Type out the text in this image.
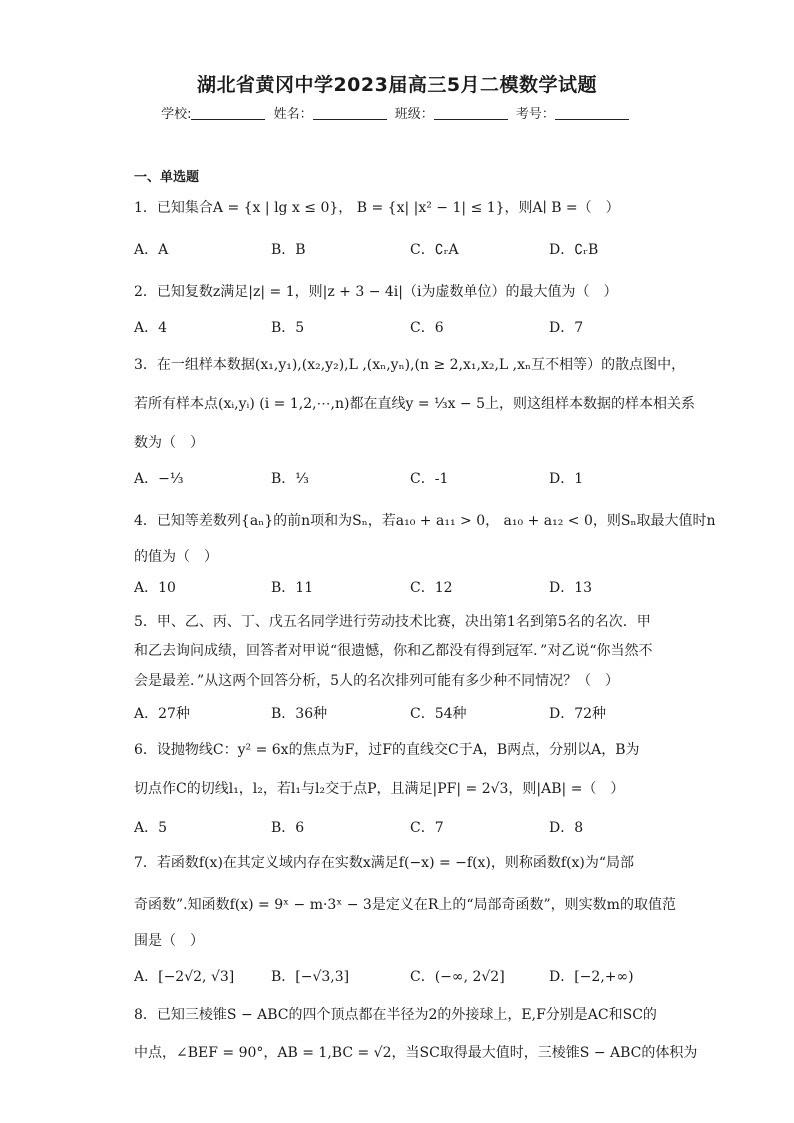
湖北省黄冈中学2023届高三5月二模数学试题
学校:	姓名：	班级：	考号：
一、单选题
1．已知集合A = {x | lg x ≤ 0}， B = {x| |x² − 1| ≤ 1}，则A∣ B =（　）
A．A	B．B	C．∁ᵣA	D．∁ᵣB
2．已知复数z满足|z| = 1，则|z + 3 − 4i|（i为虚数单位）的最大值为（　）
A．4	B．5	C．6	D．7
3．在一组样本数据(x₁,y₁),(x₂,y₂),L ,(xₙ,yₙ),(n ≥ 2,x₁,x₂,L ,xₙ互不相等）的散点图中，
若所有样本点(xᵢ,yᵢ) (i = 1,2,⋯,n)都在直线y = ⅓x − 5上，则这组样本数据的样本相关系
数为（　）
A．−⅓	B．⅓	C．-1	D．1
4．已知等差数列{aₙ}的前n项和为Sₙ，若a₁₀ + a₁₁ > 0， a₁₀ + a₁₂ < 0，则Sₙ取最大值时n
的值为（　）
A．10	B．11	C．12	D．13
5．甲、乙、丙、丁、戊五名同学进行劳动技术比赛，决出第1名到第5名的名次．甲
和乙去询问成绩，回答者对甲说“很遗憾，你和乙都没有得到冠军．”对乙说“你当然不
会是最差．”从这两个回答分析，5人的名次排列可能有多少种不同情况？（　）
A．27种	B．36种	C．54种	D．72种
6．设抛物线C：y² = 6x的焦点为F，过F的直线交C于A，B两点，分别以A，B为
切点作C的切线l₁，l₂，若l₁与l₂交于点P，且满足|PF| = 2√3，则|AB| =（　）
A．5	B．6	C．7	D．8
7．若函数f(x)在其定义域内存在实数x满足f(−x) = −f(x)，则称函数f(x)为“局部
奇函数”.知函数f(x) = 9ˣ − m·3ˣ − 3是定义在R上的“局部奇函数”，则实数m的取值范
围是（　）
A．[−2√2, √3]	B．[−√3,3]	C．(−∞, 2√2]	D．[−2,+∞)
8．已知三棱锥S − ABC的四个顶点都在半径为2的外接球上，E,F分别是AC和SC的
中点，∠BEF = 90°，AB = 1,BC = √2，当SC取得最大值时，三棱锥S − ABC的体积为
